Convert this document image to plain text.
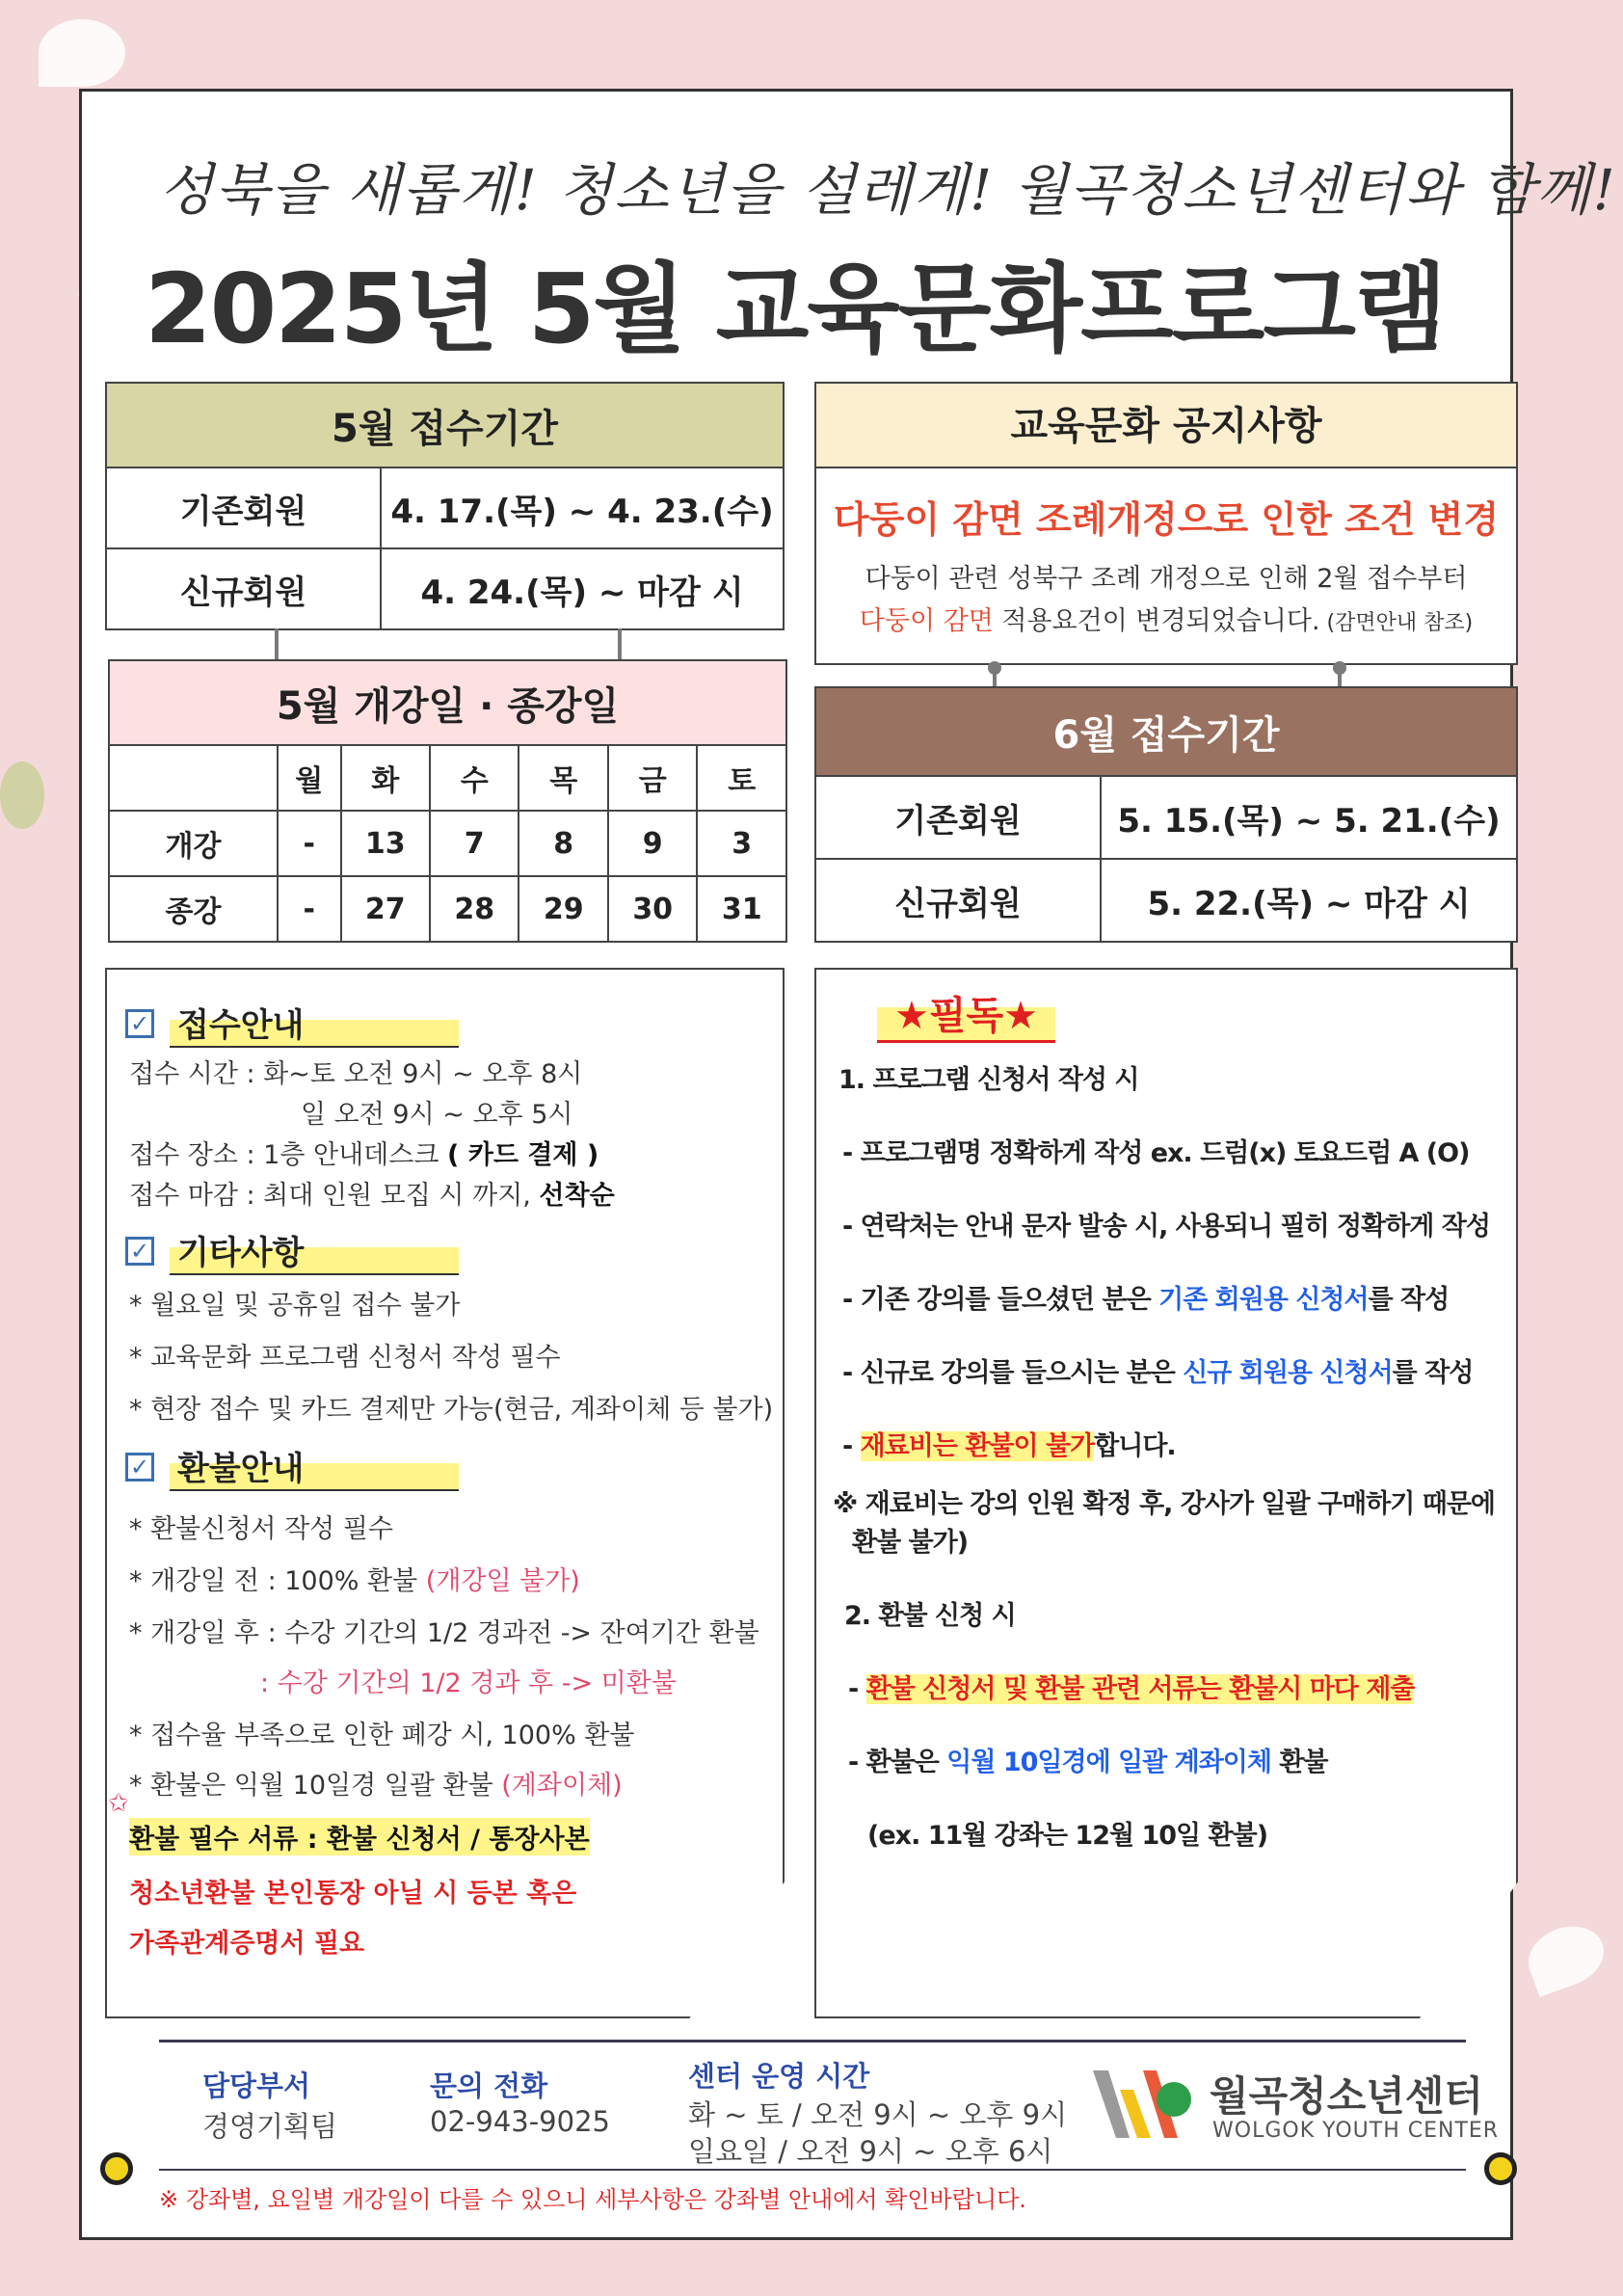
성북을 새롭게! 청소년을 설레게! 월곡청소년센터와 함께!
2025년 5월 교육문화프로그램
5월 접수기간	
기존회원	4. 17.(목) ~ 4. 23.(수)
신규회원	4. 24.(목) ~ 마감 시
교육문화 공지사항
다둥이 감면 조례개정으로 인한 조건 변경
다둥이 관련 성북구 조례 개정으로 인해 2월 접수부터
다둥이 감면 적용요건이 변경되었습니다. (감면안내 참조)
5월 개강일 · 종강일						
	월	화	수	목	금	토
개강	-	13	7	8	9	3
종강	-	27	28	29	30	31
6월 접수기간	
기존회원	5. 15.(목) ~ 5. 21.(수)
신규회원	5. 22.(목) ~ 마감 시
✓ 접수안내
접수 시간 : 화~토 오전 9시 ~ 오후 8시
일 오전 9시 ~ 오후 5시
접수 장소 : 1층 안내데스크 ( 카드 결제 )
접수 마감 : 최대 인원 모집 시 까지, 선착순
✓ 기타사항
* 월요일 및 공휴일 접수 불가
* 교육문화 프로그램 신청서 작성 필수
* 현장 접수 및 카드 결제만 가능(현금, 계좌이체 등 불가)
✓ 환불안내
* 환불신청서 작성 필수
* 개강일 전 : 100% 환불 (개강일 불가)
* 개강일 후 : 수강 기간의 1/2 경과전 -> 잔여기간 환불
: 수강 기간의 1/2 경과 후 -> 미환불
* 접수율 부족으로 인한 폐강 시, 100% 환불
* 환불은 익월 10일경 일괄 환불 (계좌이체)
✩
환불 필수 서류 : 환불 신청서 / 통장사본
청소년환불 본인통장 아닐 시 등본 혹은
가족관계증명서 필요
★필독★
1. 프로그램 신청서 작성 시
- 프로그램명 정확하게 작성 ex. 드럼(x) 토요드럼 A (O)
- 연락처는 안내 문자 발송 시, 사용되니 필히 정확하게 작성
- 기존 강의를 들으셨던 분은 기존 회원용 신청서를 작성
- 신규로 강의를 들으시는 분은 신규 회원용 신청서를 작성
- 재료비는 환불이 불가합니다.
※ 재료비는 강의 인원 확정 후, 강사가 일괄 구매하기 때문에
환불 불가)
2. 환불 신청 시
- 환불 신청서 및 환불 관련 서류는 환불시 마다 제출
- 환불은 익월 10일경에 일괄 계좌이체 환불
(ex. 11월 강좌는 12월 10일 환불)
담당부서
경영기획팀
문의 전화
02-943-9025
센터 운영 시간
화 ~ 토 / 오전 9시 ~ 오후 9시
일요일 / 오전 9시 ~ 오후 6시
월곡청소년센터
WOLGOK YOUTH CENTER
※ 강좌별, 요일별 개강일이 다를 수 있으니 세부사항은 강좌별 안내에서 확인바랍니다.
